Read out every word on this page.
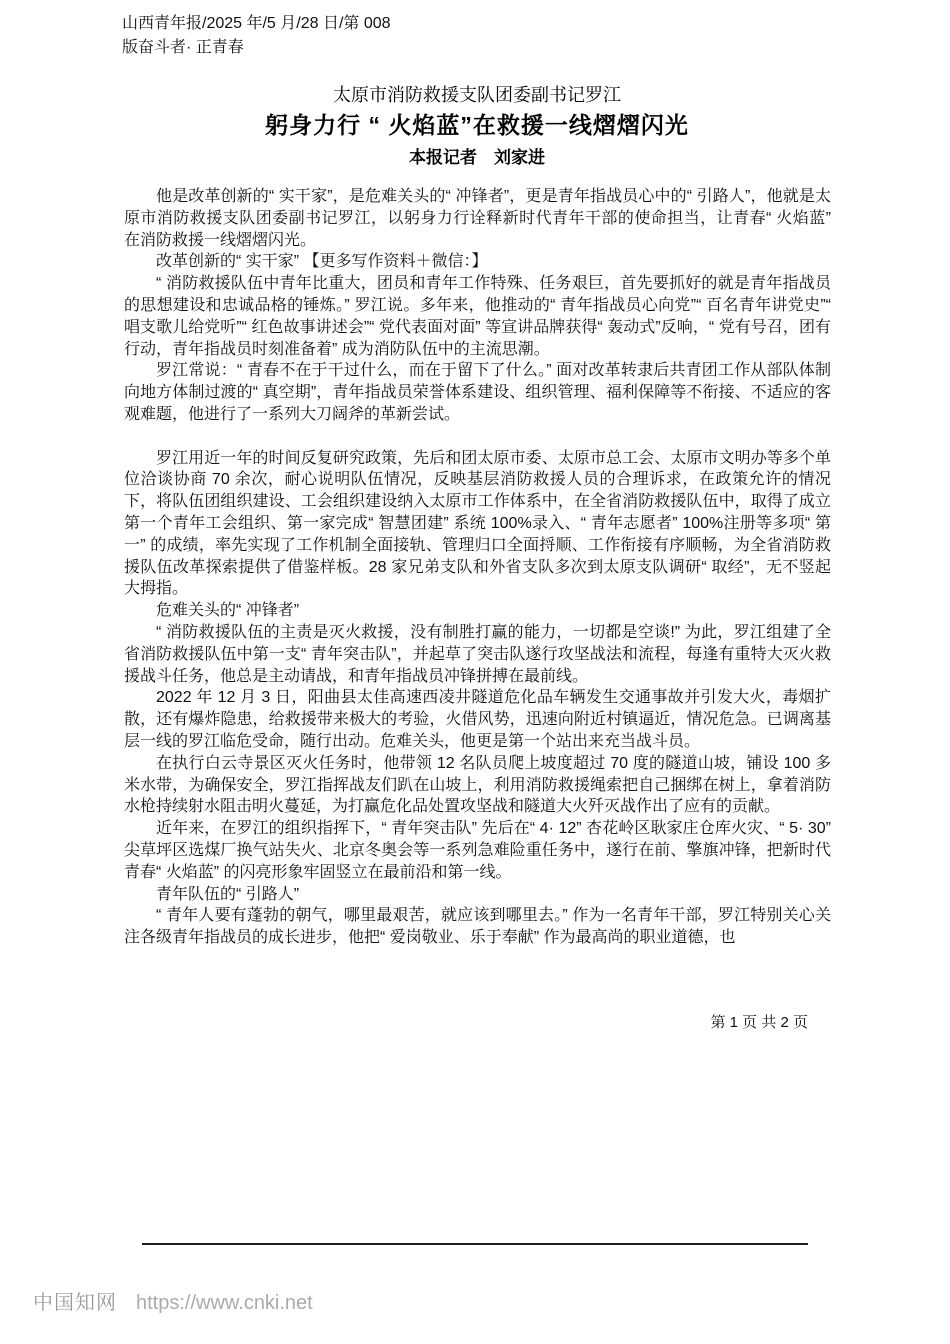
山西青年报/2025 年/5 月/28 日/第 008
版奋斗者· 正青春
太原市消防救援支队团委副书记罗江
躬身力行 “ 火焰蓝”在救援一线熠熠闪光
本报记者　刘家进

他是改革创新的“ 实干家”，是危难关头的“ 冲锋者”，更是青年指战员心中的“ 引路人”，他就是太原市消防救援支队团委副书记罗江，以躬身力行诠释新时代青年干部的使命担当，让青春“ 火焰蓝” 在消防救援一线熠熠闪光。

改革创新的“ 实干家” 【更多写作资料＋微信：】

“ 消防救援队伍中青年比重大，团员和青年工作特殊、任务艰巨，首先要抓好的就是青年指战员的思想建设和忠诚品格的锤炼。” 罗江说。多年来，他推动的“ 青年指战员心向党”“ 百名青年讲党史”“ 唱支歌儿给党听”“ 红色故事讲述会”“ 党代表面对面” 等宣讲品牌获得“ 轰动式”反响，“ 党有号召，团有行动，青年指战员时刻准备着” 成为消防队伍中的主流思潮。

罗江常说：“ 青春不在于干过什么，而在于留下了什么。” 面对改革转隶后共青团工作从部队体制向地方体制过渡的“ 真空期”，青年指战员荣誉体系建设、组织管理、福利保障等不衔接、不适应的客观难题，他进行了一系列大刀阔斧的革新尝试。

罗江用近一年的时间反复研究政策，先后和团太原市委、太原市总工会、太原市文明办等多个单位洽谈协商 70 余次，耐心说明队伍情况，反映基层消防救援人员的合理诉求，在政策允许的情况下，将队伍团组织建设、工会组织建设纳入太原市工作体系中，在全省消防救援队伍中，取得了成立第一个青年工会组织、第一家完成“ 智慧团建” 系统 100%录入、“ 青年志愿者” 100%注册等多项“ 第一” 的成绩，率先实现了工作机制全面接轨、管理归口全面捋顺、工作衔接有序顺畅，为全省消防救援队伍改革探索提供了借鉴样板。28 家兄弟支队和外省支队多次到太原支队调研“ 取经”，无不竖起大拇指。

危难关头的“ 冲锋者”

“ 消防救援队伍的主责是灭火救援，没有制胜打赢的能力，一切都是空谈!” 为此，罗江组建了全省消防救援队伍中第一支“ 青年突击队”，并起草了突击队遂行攻坚战法和流程，每逢有重特大灭火救援战斗任务，他总是主动请战，和青年指战员冲锋拼搏在最前线。

2022 年 12 月 3 日，阳曲县太佳高速西凌井隧道危化品车辆发生交通事故并引发大火，毒烟扩散，还有爆炸隐患，给救援带来极大的考验，火借风势，迅速向附近村镇逼近，情况危急。已调离基层一线的罗江临危受命，随行出动。危难关头，他更是第一个站出来充当战斗员。

在执行白云寺景区灭火任务时，他带领 12 名队员爬上坡度超过 70 度的隧道山坡，铺设 100 多米水带，为确保安全，罗江指挥战友们趴在山坡上，利用消防救援绳索把自己捆绑在树上，拿着消防水枪持续射水阻击明火蔓延，为打赢危化品处置攻坚战和隧道大火歼灭战作出了应有的贡献。

近年来，在罗江的组织指挥下，“ 青年突击队” 先后在“ 4· 12” 杏花岭区耿家庄仓库火灾、“ 5· 30” 尖草坪区选煤厂换气站失火、北京冬奥会等一系列急难险重任务中，遂行在前、擎旗冲锋，把新时代青春“ 火焰蓝” 的闪亮形象牢固竖立在最前沿和第一线。

青年队伍的“ 引路人”

“ 青年人要有蓬勃的朝气，哪里最艰苦，就应该到哪里去。” 作为一名青年干部，罗江特别关心关注各级青年指战员的成长进步，他把“ 爱岗敬业、乐于奉献” 作为最高尚的职业道德，也

第 1 页 共 2 页
中国知网 https://www.cnki.net
